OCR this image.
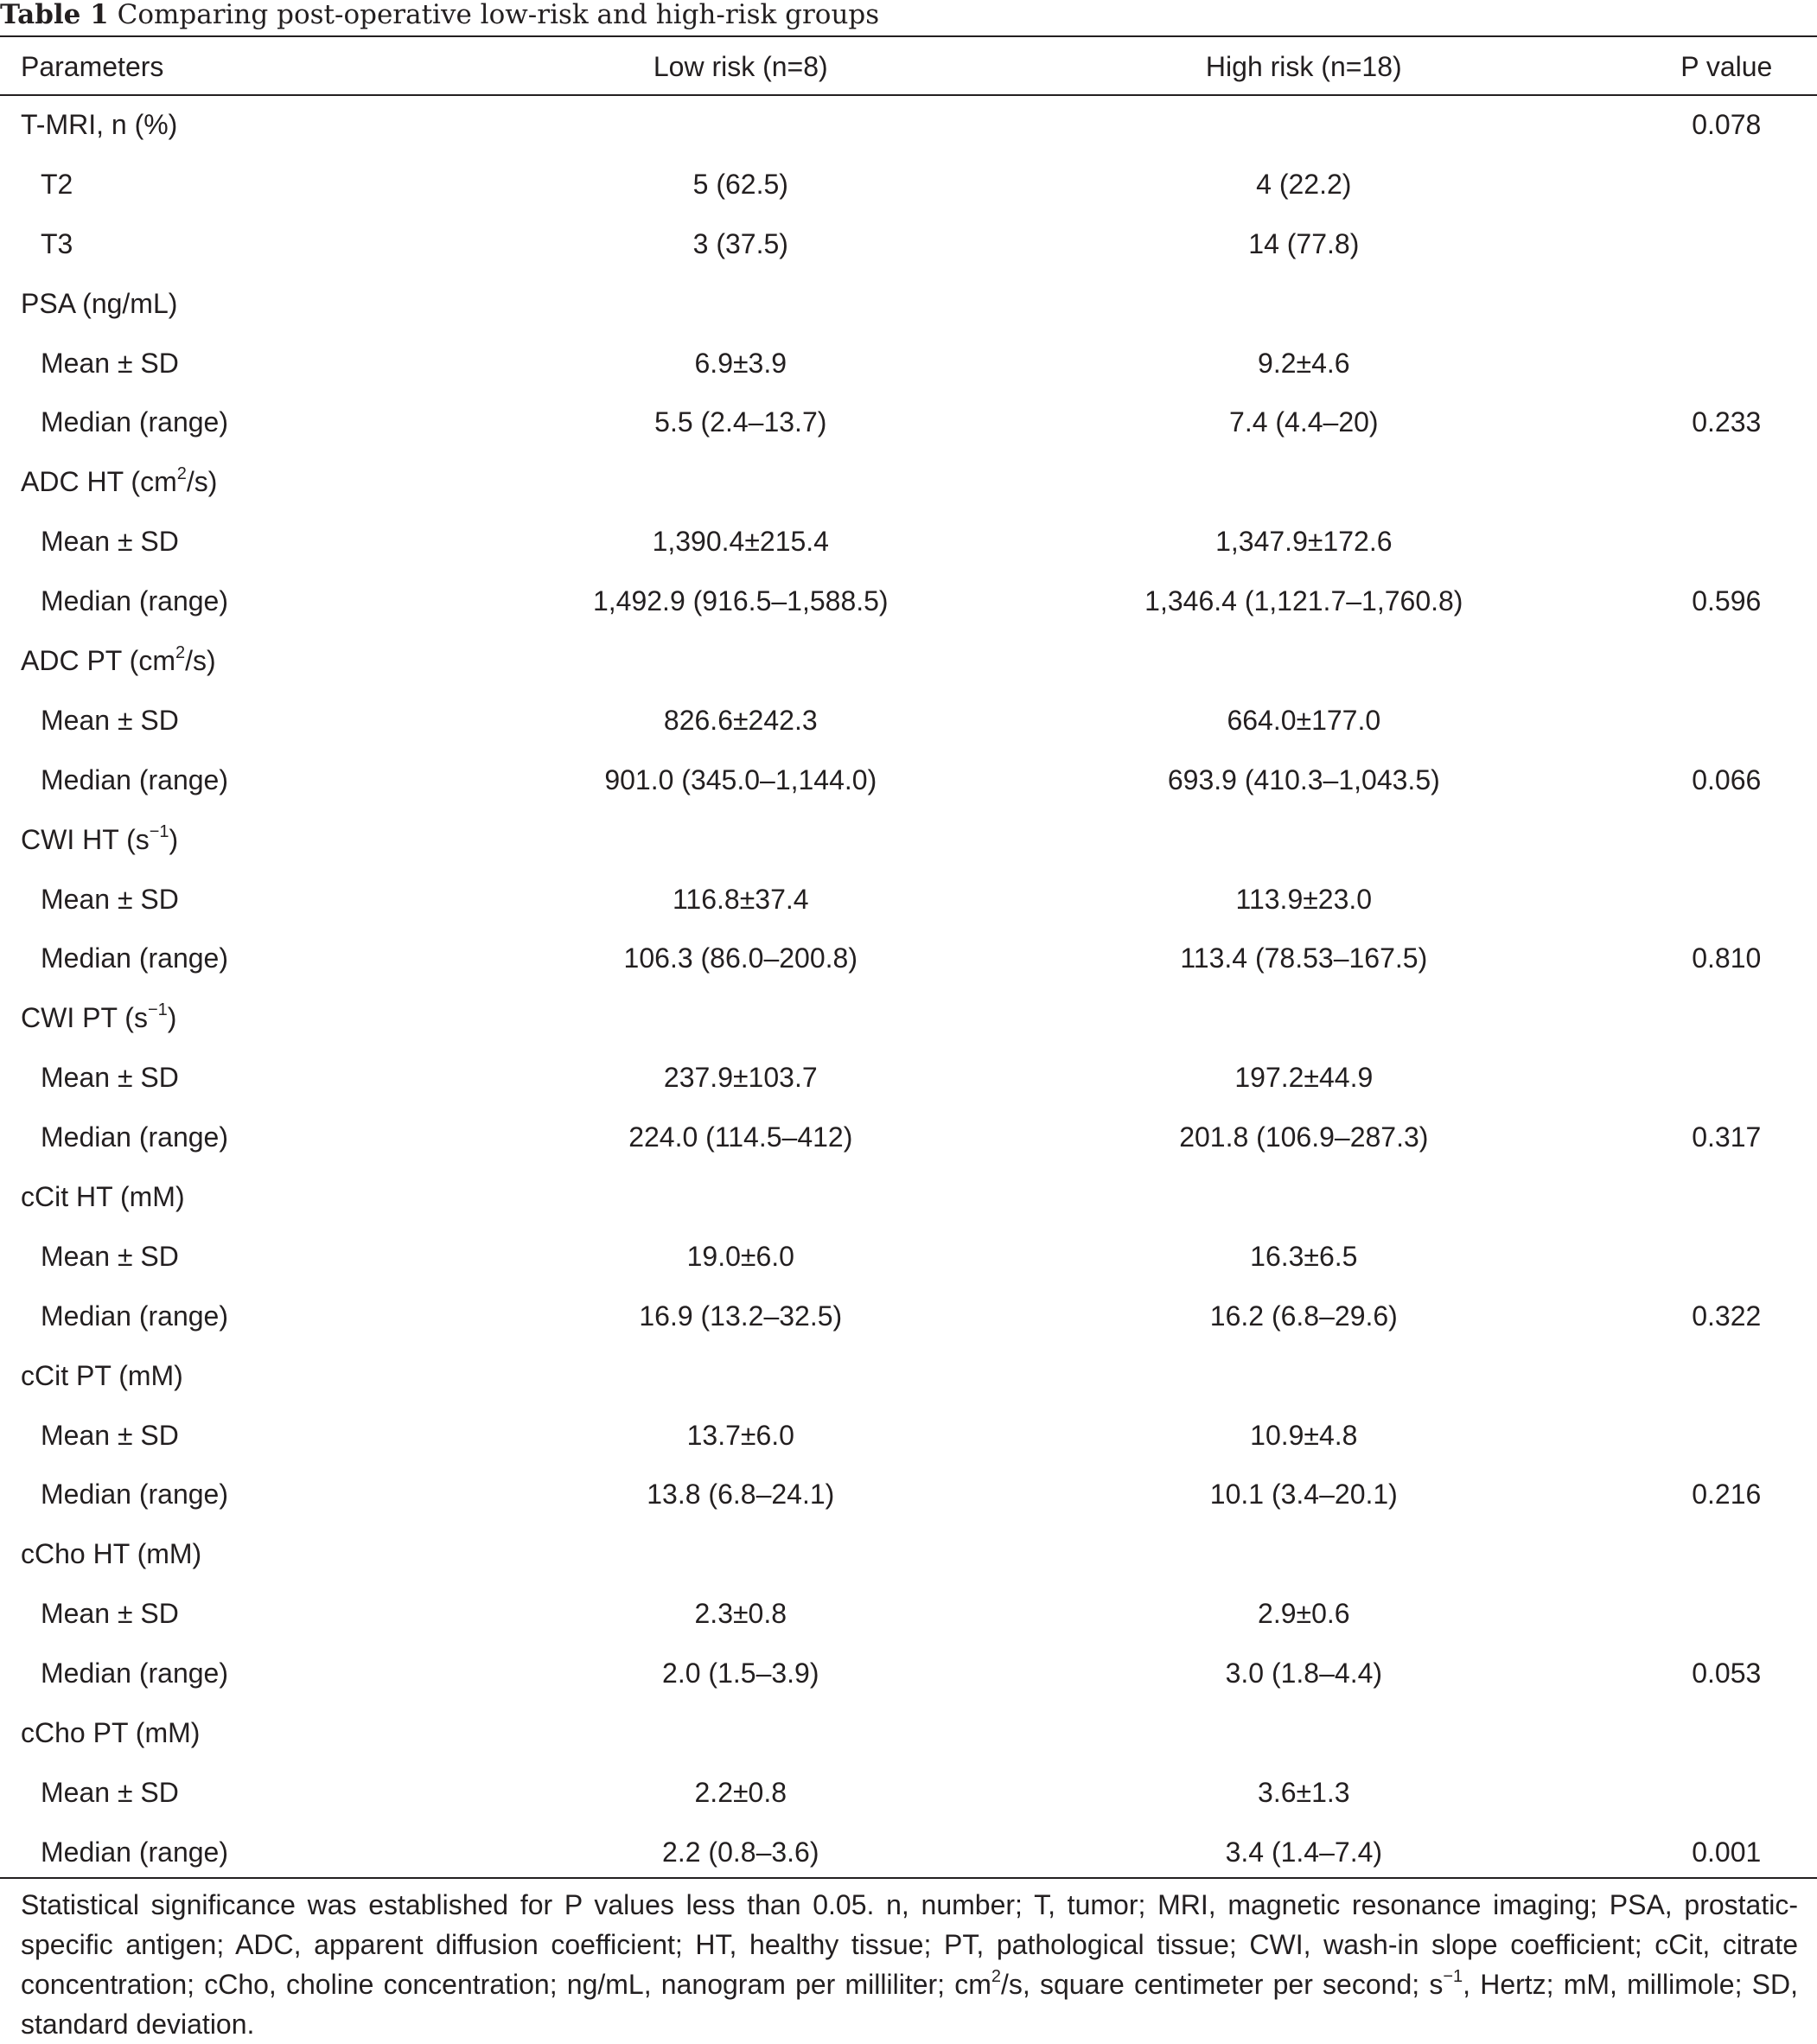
Table 1 Comparing post-operative low-risk and high-risk groups
Parameters	Low risk (n=8)	High risk (n=18)	P value
T-MRI, n (%)			0.078
T2	5 (62.5)	4 (22.2)	
T3	3 (37.5)	14 (77.8)	
PSA (ng/mL)			
Mean ± SD	6.9±3.9	9.2±4.6	
Median (range)	5.5 (2.4–13.7)	7.4 (4.4–20)	0.233
ADC HT $(cm^2/s)$			
Mean ± SD	1,390.4±215.4	1,347.9±172.6	
Median (range)	1,492.9 (916.5–1,588.5)	1,346.4 (1,121.7–1,760.8)	0.596
ADC PT $(cm^2/s)$			
Mean ± SD	826.6±242.3	664.0±177.0	
Median (range)	901.0 (345.0–1,144.0)	693.9 (410.3–1,043.5)	0.066
CWI HT $(s^{-1})$			
Mean ± SD	116.8±37.4	113.9±23.0	
Median (range)	106.3 (86.0–200.8)	113.4 (78.53–167.5)	0.810
CWI PT $(s^{-1})$			
Mean ± SD	237.9±103.7	197.2±44.9	
Median (range)	224.0 (114.5–412)	201.8 (106.9–287.3)	0.317
cCit HT (mM)			
Mean ± SD	19.0±6.0	16.3±6.5	
Median (range)	16.9 (13.2–32.5)	16.2 (6.8–29.6)	0.322
cCit PT (mM)			
Mean ± SD	13.7±6.0	10.9±4.8	
Median (range)	13.8 (6.8–24.1)	10.1 (3.4–20.1)	0.216
cCho HT (mM)			
Mean ± SD	2.3±0.8	2.9±0.6	
Median (range)	2.0 (1.5–3.9)	3.0 (1.8–4.4)	0.053
cCho PT (mM)			
Mean ± SD	2.2±0.8	3.6±1.3	
Median (range)	2.2 (0.8–3.6)	3.4 (1.4–7.4)	0.001
Statistical significance was established for P values less than 0.05. n, number; T, tumor; MRI, magnetic resonance imaging; PSA, prostatic-specific antigen; ADC, apparent diffusion coefficient; HT, healthy tissue; PT, pathological tissue; CWI, wash-in slope coefficient; cCit, citrate concentration; cCho, choline concentration; ng/mL, nanogram per milliliter; $cm^2/s$, square centimeter per second; $s^{-1}$, Hertz; mM, millimole; SD, standard deviation.
